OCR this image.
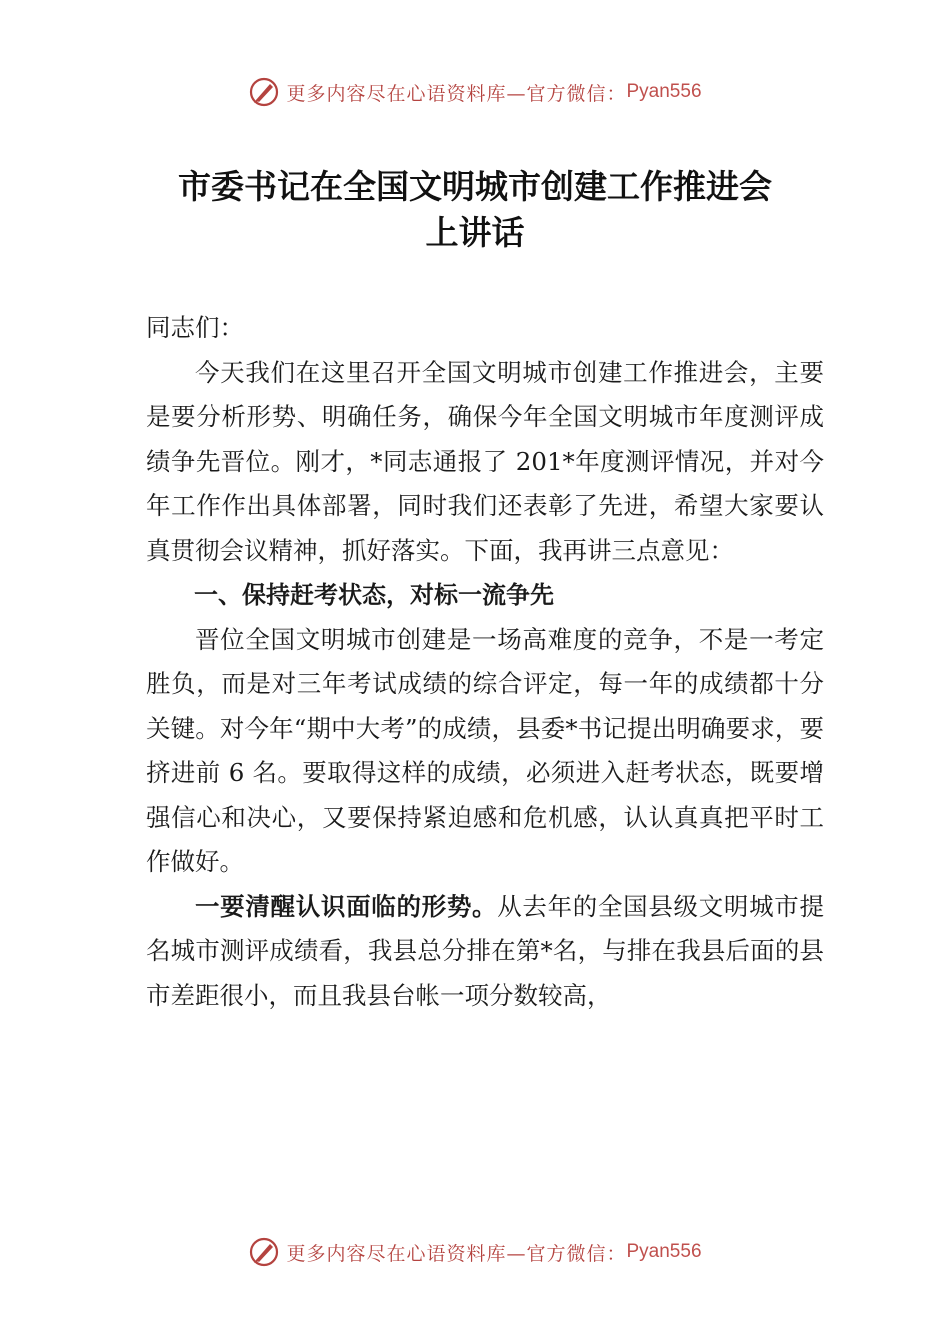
更多内容尽在心语资料库—官方微信： Pyan556
市委书记在全国文明城市创建工作推进会
上讲话

同志们：

今天我们在这里召开全国文明城市创建工作推进会，主要是要分析形势、明确任务，确保今年全国文明城市年度测评成绩争先晋位。刚才，*同志通报了 201*年度测评情况，并对今年工作作出具体部署，同时我们还表彰了先进，希望大家要认真贯彻会议精神，抓好落实。下面，我再讲三点意见：

一、保持赶考状态，对标一流争先

晋位全国文明城市创建是一场高难度的竞争，不是一考定胜负，而是对三年考试成绩的综合评定，每一年的成绩都十分关键。对今年“期中大考”的成绩，县委*书记提出明确要求，要挤进前 6 名。要取得这样的成绩，必须进入赶考状态，既要增强信心和决心，又要保持紧迫感和危机感，认认真真把平时工作做好。

一要清醒认识面临的形势。从去年的全国县级文明城市提名城市测评成绩看，我县总分排在第*名，与排在我县后面的县市差距很小，而且我县台帐一项分数较高，

更多内容尽在心语资料库—官方微信： Pyan556
